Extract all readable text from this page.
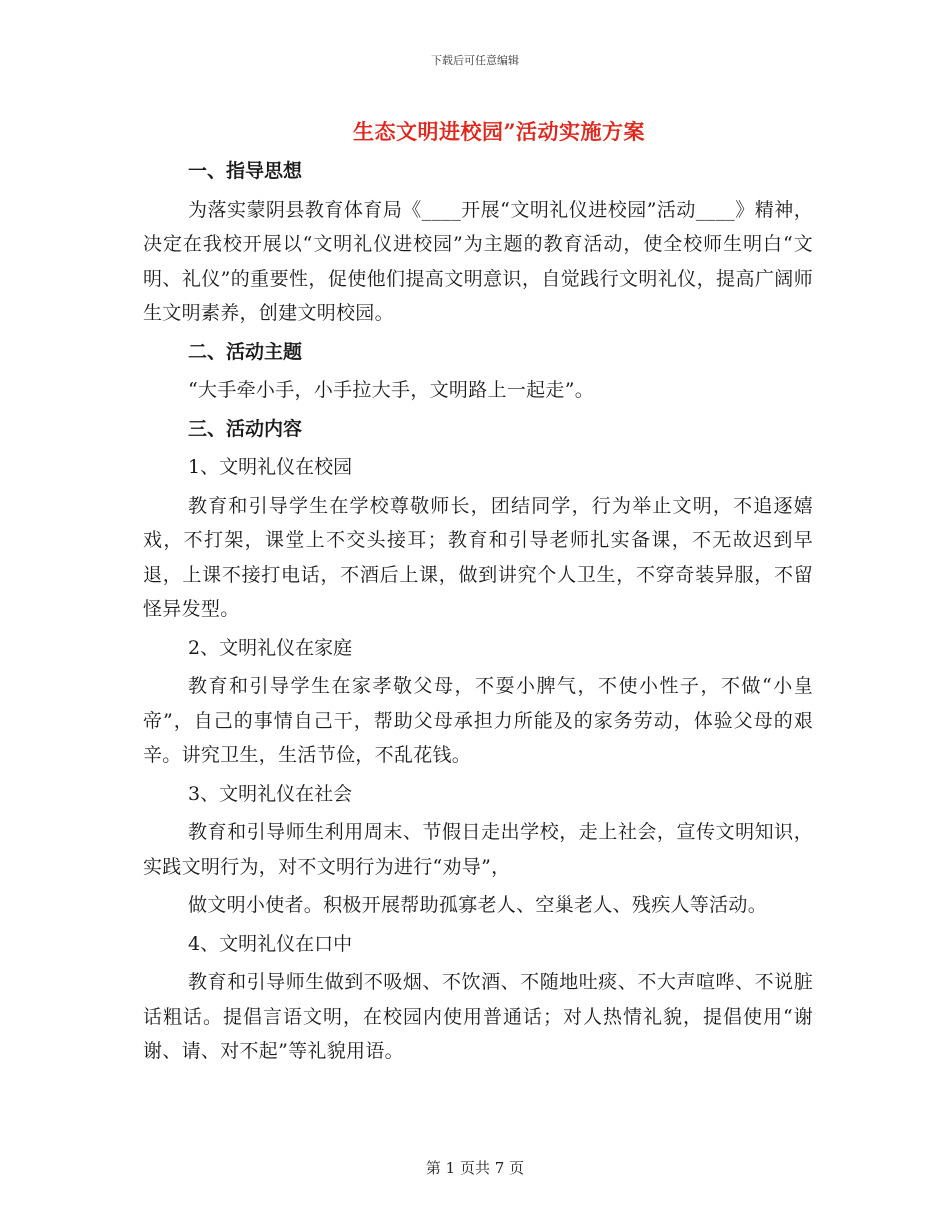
下载后可任意编辑
生态文明进校园”活动实施方案
一、指导思想
为落实蒙阴县教育体育局《____开展“文明礼仪进校园”活动____》精神，决定在我校开展以“文明礼仪进校园”为主题的教育活动，使全校师生明白“文明、礼仪”的重要性，促使他们提高文明意识，自觉践行文明礼仪，提高广阔师生文明素养，创建文明校园。
二、活动主题
“大手牵小手，小手拉大手，文明路上一起走”。
三、活动内容
1、文明礼仪在校园
教育和引导学生在学校尊敬师长，团结同学，行为举止文明，不追逐嬉戏，不打架，课堂上不交头接耳；教育和引导老师扎实备课，不无故迟到早退，上课不接打电话，不酒后上课，做到讲究个人卫生，不穿奇装异服，不留怪异发型。
2、文明礼仪在家庭
教育和引导学生在家孝敬父母，不耍小脾气，不使小性子，不做“小皇帝”，自己的事情自己干，帮助父母承担力所能及的家务劳动，体验父母的艰辛。讲究卫生，生活节俭，不乱花钱。
3、文明礼仪在社会
教育和引导师生利用周末、节假日走出学校，走上社会，宣传文明知识，实践文明行为，对不文明行为进行“劝导”，
做文明小使者。积极开展帮助孤寡老人、空巢老人、残疾人等活动。
4、文明礼仪在口中
教育和引导师生做到不吸烟、不饮酒、不随地吐痰、不大声喧哗、不说脏话粗话。提倡言语文明，在校园内使用普通话；对人热情礼貌，提倡使用“谢谢、请、对不起”等礼貌用语。
第 1 页共 7 页
